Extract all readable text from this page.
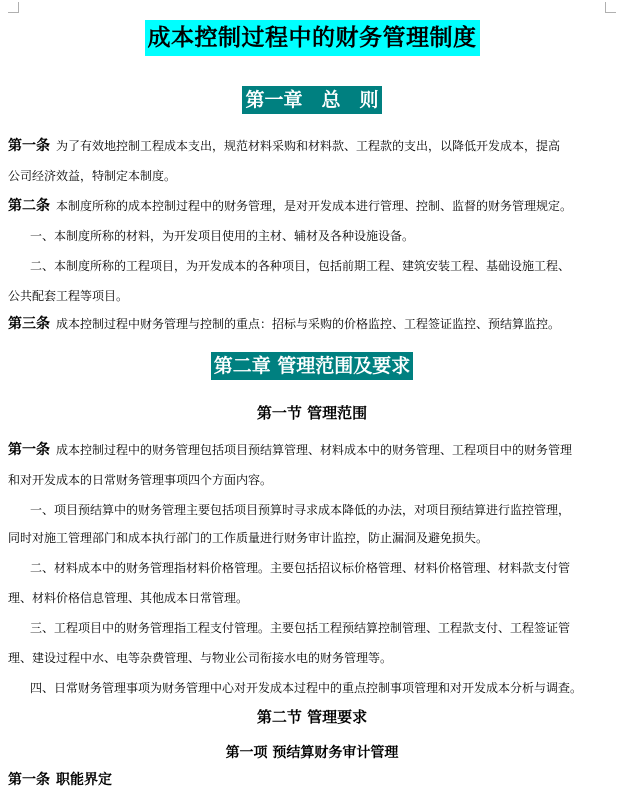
成本控制过程中的财务管理制度
第一章　总　则
第一条 为了有效地控制工程成本支出，规范材料采购和材料款、工程款的支出，以降低开发成本，提高
公司经济效益，特制定本制度。
第二条 本制度所称的成本控制过程中的财务管理，是对开发成本进行管理、控制、监督的财务管理规定。
一、本制度所称的材料，为开发项目使用的主材、辅材及各种设施设备。
二、本制度所称的工程项目，为开发成本的各种项目，包括前期工程、建筑安装工程、基础设施工程、
公共配套工程等项目。
第三条 成本控制过程中财务管理与控制的重点：招标与采购的价格监控、工程签证监控、预结算监控。
第二章 管理范围及要求
第一节 管理范围
第一条 成本控制过程中的财务管理包括项目预结算管理、材料成本中的财务管理、工程项目中的财务管理
和对开发成本的日常财务管理事项四个方面内容。
一、项目预结算中的财务管理主要包括项目预算时寻求成本降低的办法，对项目预结算进行监控管理，
同时对施工管理部门和成本执行部门的工作质量进行财务审计监控，防止漏洞及避免损失。
二、材料成本中的财务管理指材料价格管理。主要包括招议标价格管理、材料价格管理、材料款支付管
理、材料价格信息管理、其他成本日常管理。
三、工程项目中的财务管理指工程支付管理。主要包括工程预结算控制管理、工程款支付、工程签证管
理、建设过程中水、电等杂费管理、与物业公司衔接水电的财务管理等。
四、日常财务管理事项为财务管理中心对开发成本过程中的重点控制事项管理和对开发成本分析与调查。
第二节 管理要求
第一项 预结算财务审计管理
第一条 职能界定
